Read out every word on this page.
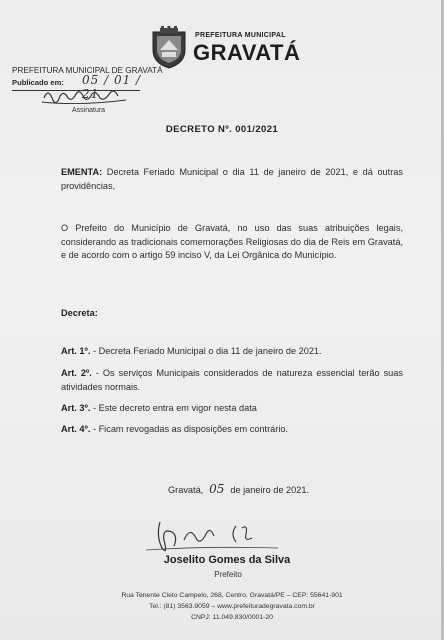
PREFEITURA MUNICIPAL
GRAVATÁ
PREFEITURA MUNICIPAL DE GRAVATÁ
Publicado em: 05 / 01 / 21
Assinatura
DECRETO Nº. 001/2021
EMENTA: Decreta Feriado Municipal o dia 11 de janeiro de 2021, e dá outras providências,
O Prefeito do Município de Gravatá, no uso das suas atribuições legais, considerando as tradicionais comemorações Religiosas do dia de Reis em Gravatá, e de acordo com o artigo 59 inciso V, da Lei Orgânica do Município.
Decreta:
Art. 1º. - Decreta Feriado Municipal o dia 11 de janeiro de 2021.
Art. 2º. - Os serviços Municipais considerados de natureza essencial terão suas atividades normais.
Art. 3º. - Este decreto entra em vigor nesta data
Art. 4º. - Ficam revogadas as disposições em contrário.
Gravatá, 05 de janeiro de 2021.
Joselito Gomes da Silva
Prefeito
Rua Tenente Cleto Campelo, 268, Centro, Gravatá/PE – CEP: 55641-901
Tel.: (81) 3563.9059 – www.prefeituradegravata.com.br
CNPJ: 11.049.830/0001-20
